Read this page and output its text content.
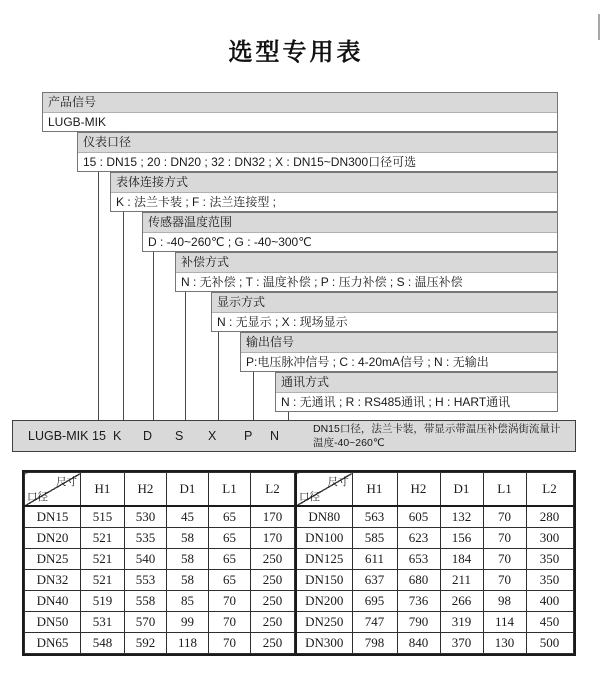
选型专用表
产品信号
LUGB-MIK
仪表口径
15 : DN15 ; 20 : DN20 ; 32 : DN32 ; X : DN15~DN300口径可选
表体连接方式
K : 法兰卡装 ; F : 法兰连接型 ;
传感器温度范围
D : -40~260℃ ; G : -40~300℃
补偿方式
N : 无补偿 ; T : 温度补偿 ; P : 压力补偿 ; S : 温压补偿
显示方式
N : 无显示 ; X : 现场显示
输出信号
P:电压脉冲信号 ; C : 4-20mA信号 ; N : 无输出
通讯方式
N : 无通讯 ; R : RS485通讯 ; H : HART通讯
LUGB-MIK 15 K D S X P N	DN15口径，法兰卡装，带显示带温压补偿涡街流量计
温度-40~260℃
尺寸
口径	H1	H2	D1	L1	L2
DN15	515	530	45	65	170
DN20	521	535	58	65	170
DN25	521	540	58	65	250
DN32	521	553	58	65	250
DN40	519	558	85	70	250
DN50	531	570	99	70	250
DN65	548	592	118	70	250
尺寸
口径	H1	H2	D1	L1	L2
DN80	563	605	132	70	280
DN100	585	623	156	70	300
DN125	611	653	184	70	350
DN150	637	680	211	70	350
DN200	695	736	266	98	400
DN250	747	790	319	114	450
DN300	798	840	370	130	500
